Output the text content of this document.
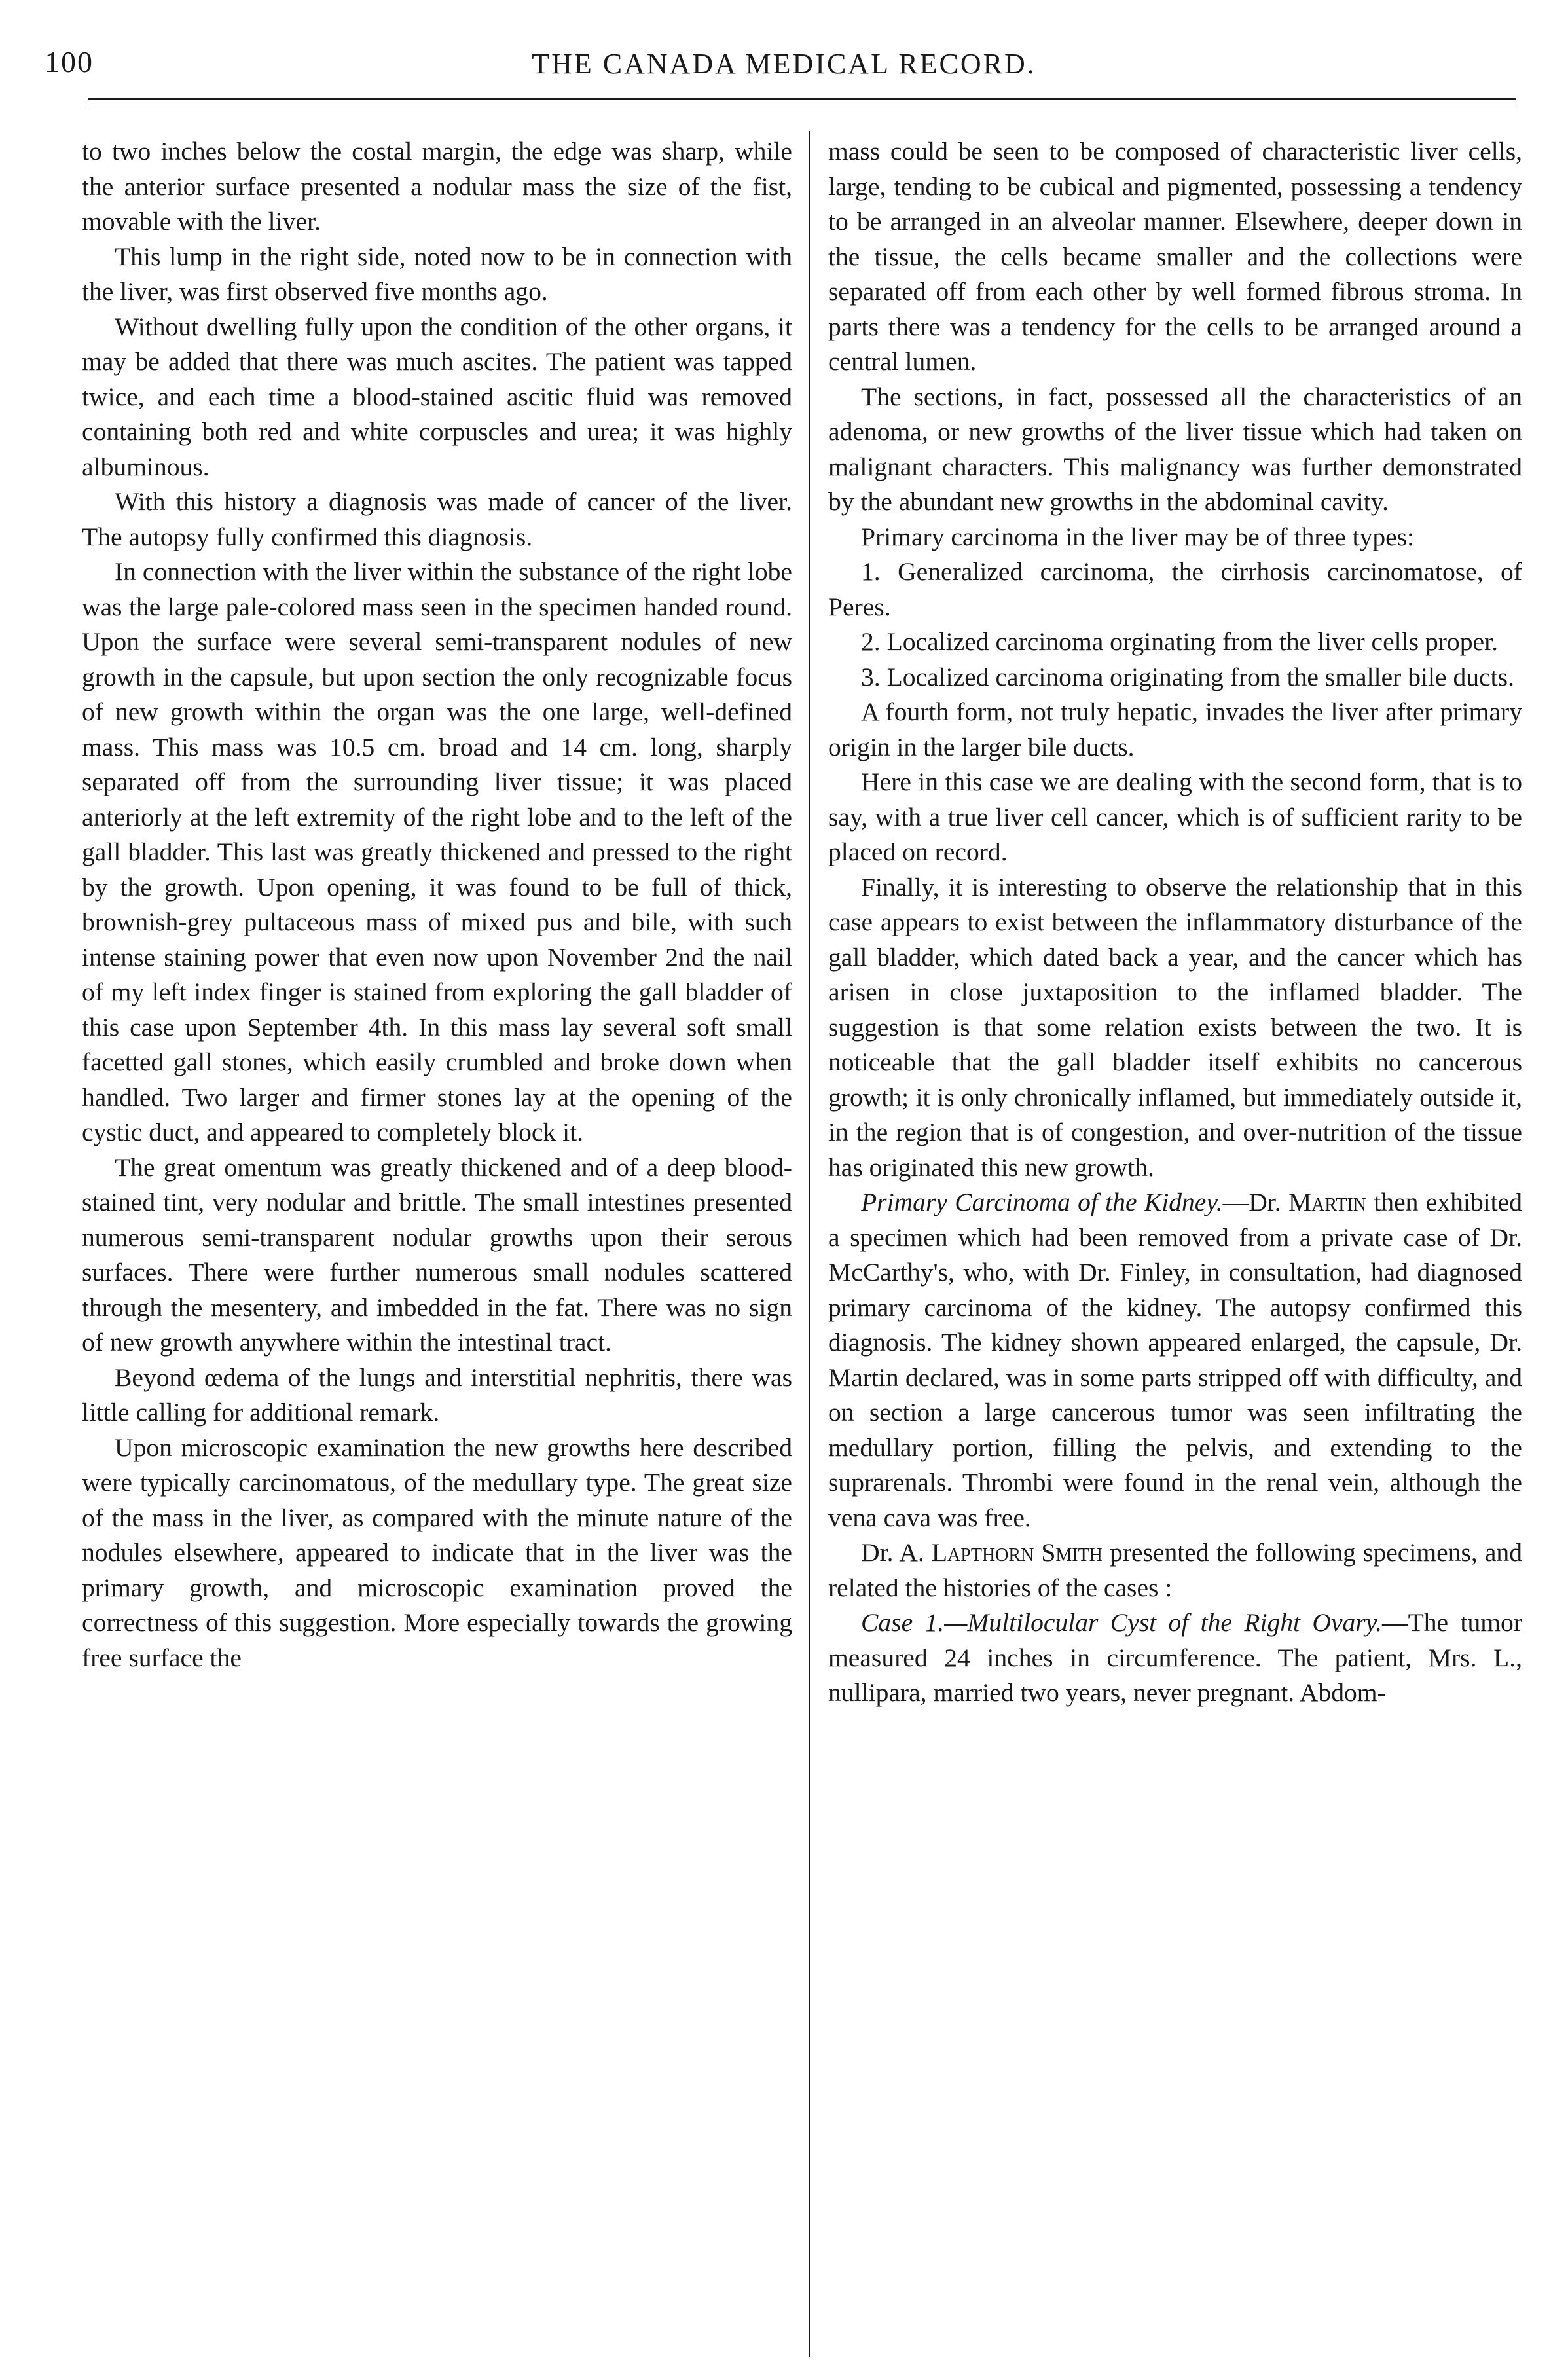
100	THE CANADA MEDICAL RECORD.

to two inches below the costal margin, the edge was sharp, while the anterior surface presented a nodular mass the size of the fist, movable with the liver.

This lump in the right side, noted now to be in connection with the liver, was first observed five months ago.

Without dwelling fully upon the condition of the other organs, it may be added that there was much ascites. The patient was tapped twice, and each time a blood-stained ascitic fluid was removed containing both red and white corpuscles and urea; it was highly albuminous.

With this history a diagnosis was made of cancer of the liver. The autopsy fully confirmed this diagnosis.

In connection with the liver within the substance of the right lobe was the large pale-colored mass seen in the specimen handed round. Upon the surface were several semi-transparent nodules of new growth in the capsule, but upon section the only recognizable focus of new growth within the organ was the one large, well-defined mass. This mass was 10.5 cm. broad and 14 cm. long, sharply separated off from the surrounding liver tissue; it was placed anteriorly at the left extremity of the right lobe and to the left of the gall bladder. This last was greatly thickened and pressed to the right by the growth. Upon opening, it was found to be full of thick, brownish-grey pultaceous mass of mixed pus and bile, with such intense staining power that even now upon November 2nd the nail of my left index finger is stained from exploring the gall bladder of this case upon September 4th. In this mass lay several soft small facetted gall stones, which easily crumbled and broke down when handled. Two larger and firmer stones lay at the opening of the cystic duct, and appeared to completely block it.

The great omentum was greatly thickened and of a deep blood-stained tint, very nodular and brittle. The small intestines presented numerous semi-transparent nodular growths upon their serous surfaces. There were further numerous small nodules scattered through the mesentery, and imbedded in the fat. There was no sign of new growth anywhere within the intestinal tract.

Beyond œdema of the lungs and interstitial nephritis, there was little calling for additional remark.

Upon microscopic examination the new growths here described were typically carcinomatous, of the medullary type. The great size of the mass in the liver, as compared with the minute nature of the nodules elsewhere, appeared to indicate that in the liver was the primary growth, and microscopic examination proved the correctness of this suggestion. More especially towards the growing free surface the

mass could be seen to be composed of characteristic liver cells, large, tending to be cubical and pigmented, possessing a tendency to be arranged in an alveolar manner. Elsewhere, deeper down in the tissue, the cells became smaller and the collections were separated off from each other by well formed fibrous stroma. In parts there was a tendency for the cells to be arranged around a central lumen.

The sections, in fact, possessed all the characteristics of an adenoma, or new growths of the liver tissue which had taken on malignant characters. This malignancy was further demonstrated by the abundant new growths in the abdominal cavity.

Primary carcinoma in the liver may be of three types:

1. Generalized carcinoma, the cirrhosis carcinomatose, of Peres.

2. Localized carcinoma orginating from the liver cells proper.

3. Localized carcinoma originating from the smaller bile ducts.

A fourth form, not truly hepatic, invades the liver after primary origin in the larger bile ducts.

Here in this case we are dealing with the second form, that is to say, with a true liver cell cancer, which is of sufficient rarity to be placed on record.

Finally, it is interesting to observe the relationship that in this case appears to exist between the inflammatory disturbance of the gall bladder, which dated back a year, and the cancer which has arisen in close juxtaposition to the inflamed bladder. The suggestion is that some relation exists between the two. It is noticeable that the gall bladder itself exhibits no cancerous growth; it is only chronically inflamed, but immediately outside it, in the region that is of congestion, and over-nutrition of the tissue has originated this new growth.

Primary Carcinoma of the Kidney.—Dr. Martin then exhibited a specimen which had been removed from a private case of Dr. McCarthy's, who, with Dr. Finley, in consultation, had diagnosed primary carcinoma of the kidney. The autopsy confirmed this diagnosis. The kidney shown appeared enlarged, the capsule, Dr. Martin declared, was in some parts stripped off with difficulty, and on section a large cancerous tumor was seen infiltrating the medullary portion, filling the pelvis, and extending to the suprarenals. Thrombi were found in the renal vein, although the vena cava was free.

Dr. A. Lapthorn Smith presented the following specimens, and related the histories of the cases :

Case 1.—Multilocular Cyst of the Right Ovary.—The tumor measured 24 inches in circumference. The patient, Mrs. L., nullipara, married two years, never pregnant. Abdom-
